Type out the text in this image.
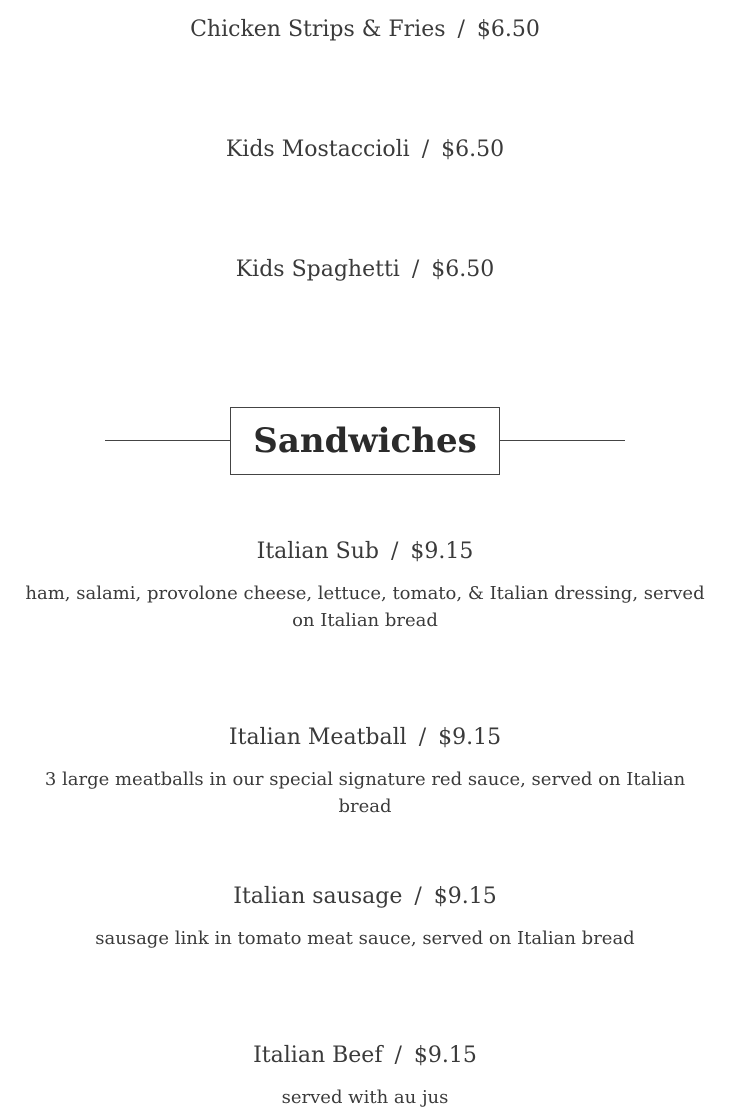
Chicken Strips & Fries / $6.50
Kids Mostaccioli / $6.50
Kids Spaghetti / $6.50
Sandwiches
Italian Sub / $9.15
ham, salami, provolone cheese, lettuce, tomato, & Italian dressing, served on Italian bread
Italian Meatball / $9.15
3 large meatballs in our special signature red sauce, served on Italian bread
Italian sausage / $9.15
sausage link in tomato meat sauce, served on Italian bread
Italian Beef / $9.15
served with au jus
